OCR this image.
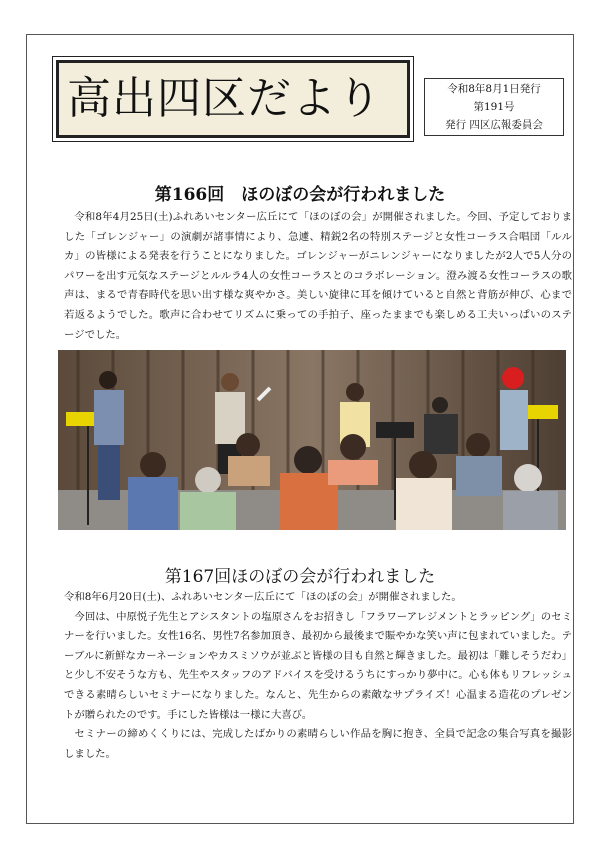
高出四区だより	令和8年8月1日発行
第191号
発行 四区広報委員会
第166回　ほのぼの会が行われました

令和8年4月25日(土)ふれあいセンター広丘にて「ほのぼの会」が開催されました。今回、予定しておりました「ゴレンジャー」の演劇が諸事情により、急遽、精鋭2名の特別ステージと女性コーラス合唱団「ルルカ」の皆様による発表を行うことになりました。ゴレンジャーがニレンジャーになりましたが2人で5人分のパワーを出す元気なステージとルルラ4人の女性コーラスとのコラボレーション。澄み渡る女性コーラスの歌声は、まるで青春時代を思い出す様な爽やかさ。美しい旋律に耳を傾けていると自然と背筋が伸び、心まで若返るようでした。歌声に合わせてリズムに乗っての手拍子、座ったままでも楽しめる工夫いっぱいのステージでした。

第167回ほのぼの会が行われました

令和8年6月20日(土)、ふれあいセンター広丘にて「ほのぼの会」が開催されました。

今回は、中原悦子先生とアシスタントの塩原さんをお招きし「フラワーアレジメントとラッピング」のセミナーを行いました。女性16名、男性7名参加頂き、最初から最後まで賑やかな笑い声に包まれていました。テーブルに新鮮なカーネーションやカスミソウが並ぶと皆様の目も自然と輝きました。最初は「難しそうだわ」と少し不安そうな方も、先生やスタッフのアドバイスを受けるうちにすっかり夢中に。心も体もリフレッシュできる素晴らしいセミナーになりました。なんと、先生からの素敵なサプライズ！心温まる造花のプレゼントが贈られたのです。手にした皆様は一様に大喜び。

セミナーの締めくくりには、完成したばかりの素晴らしい作品を胸に抱き、全員で記念の集合写真を撮影しました。
